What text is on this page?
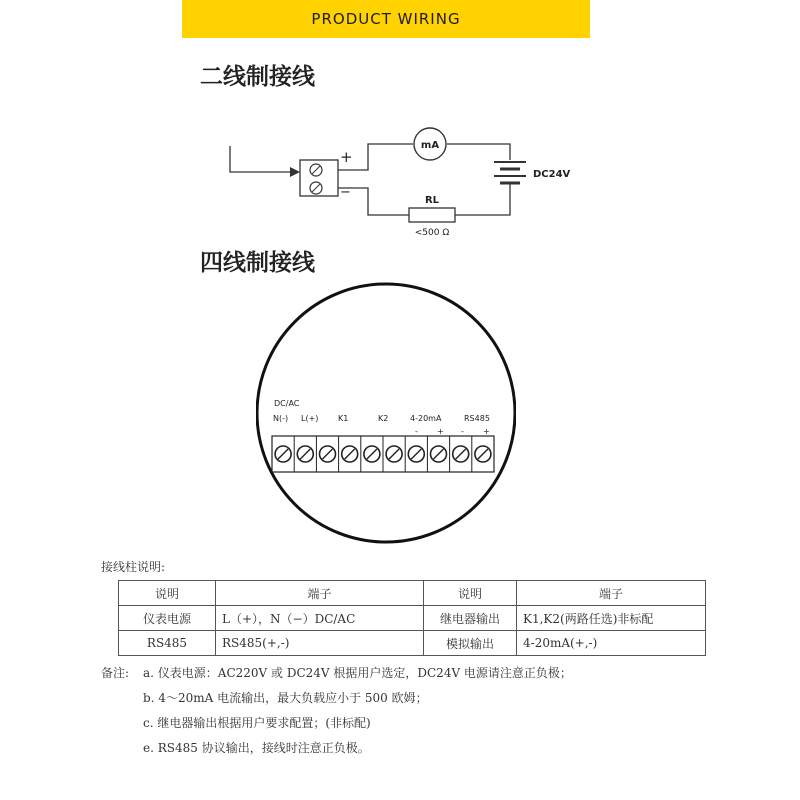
PRODUCT WIRING
二线制接线
mA
DC24V
RL
<500 Ω
+
−
四线制接线
DC/AC
N(-) L(+) K1	K2	4-20mA	RS485
- + - +
接线柱说明:
说明	端子	说明	端子
仪表电源	L（+），N（−）DC/AC	继电器输出	K1,K2(两路任选)非标配
RS485	RS485(+,-)	模拟输出	4-20mA(+,-)
备注: a. 仪表电源：AC220V 或 DC24V 根据用户选定，DC24V 电源请注意正负极；
b. 4～20mA 电流输出，最大负载应小于 500 欧姆；
c. 继电器输出根据用户要求配置；(非标配)
e. RS485 协议输出，接线时注意正负极。
